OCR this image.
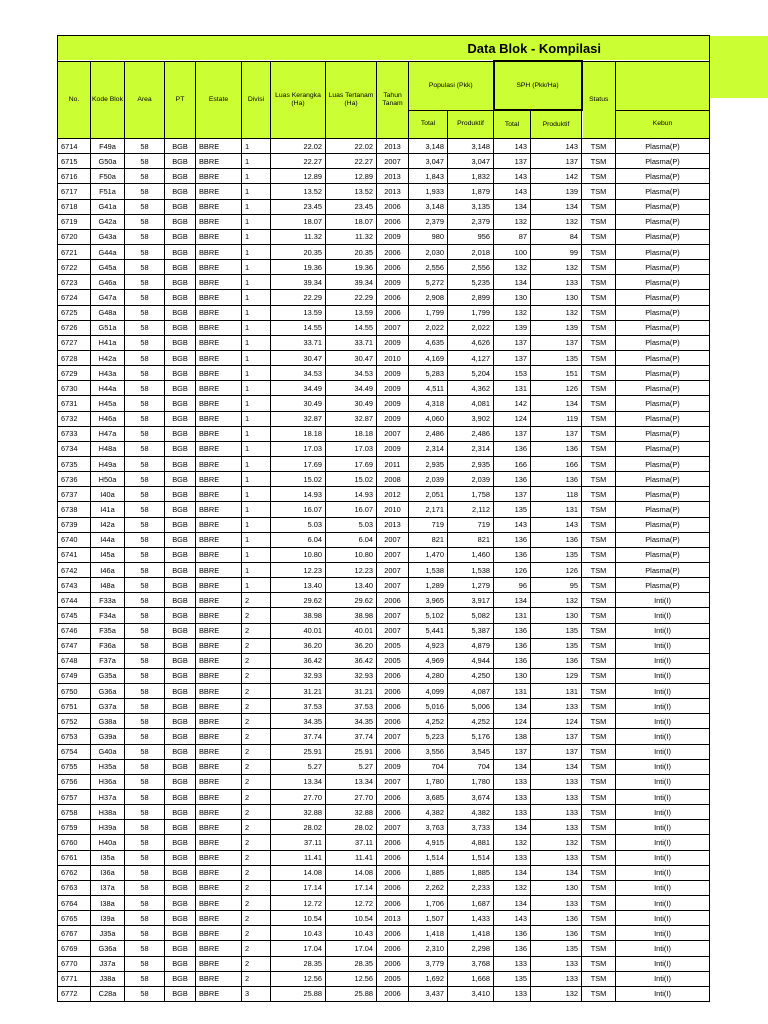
Data Blok - Kompilasi														
No.	Kode Blok	Area	PT	Estate	Divisi	Luas Kerangka (Ha)	Luas Tertanam (Ha)	Tahun Tanam	Populasi (Pkk)		SPH (Pkk/Ha)		Status	
									Total	Produktif	Total	Produktif		Kebun
6714	F49a	58	BGB	BBRE	1	22.02	22.02	2013	3,148	3,148	143	143	TSM	Plasma(P)
6715	G50a	58	BGB	BBRE	1	22.27	22.27	2007	3,047	3,047	137	137	TSM	Plasma(P)
6716	F50a	58	BGB	BBRE	1	12.89	12.89	2013	1,843	1,832	143	142	TSM	Plasma(P)
6717	F51a	58	BGB	BBRE	1	13.52	13.52	2013	1,933	1,879	143	139	TSM	Plasma(P)
6718	G41a	58	BGB	BBRE	1	23.45	23.45	2006	3,148	3,135	134	134	TSM	Plasma(P)
6719	G42a	58	BGB	BBRE	1	18.07	18.07	2006	2,379	2,379	132	132	TSM	Plasma(P)
6720	G43a	58	BGB	BBRE	1	11.32	11.32	2009	980	956	87	84	TSM	Plasma(P)
6721	G44a	58	BGB	BBRE	1	20.35	20.35	2006	2,030	2,018	100	99	TSM	Plasma(P)
6722	G45a	58	BGB	BBRE	1	19.36	19.36	2006	2,556	2,556	132	132	TSM	Plasma(P)
6723	G46a	58	BGB	BBRE	1	39.34	39.34	2009	5,272	5,235	134	133	TSM	Plasma(P)
6724	G47a	58	BGB	BBRE	1	22.29	22.29	2006	2,908	2,899	130	130	TSM	Plasma(P)
6725	G48a	58	BGB	BBRE	1	13.59	13.59	2006	1,799	1,799	132	132	TSM	Plasma(P)
6726	G51a	58	BGB	BBRE	1	14.55	14.55	2007	2,022	2,022	139	139	TSM	Plasma(P)
6727	H41a	58	BGB	BBRE	1	33.71	33.71	2009	4,635	4,626	137	137	TSM	Plasma(P)
6728	H42a	58	BGB	BBRE	1	30.47	30.47	2010	4,169	4,127	137	135	TSM	Plasma(P)
6729	H43a	58	BGB	BBRE	1	34.53	34.53	2009	5,283	5,204	153	151	TSM	Plasma(P)
6730	H44a	58	BGB	BBRE	1	34.49	34.49	2009	4,511	4,362	131	126	TSM	Plasma(P)
6731	H45a	58	BGB	BBRE	1	30.49	30.49	2009	4,318	4,081	142	134	TSM	Plasma(P)
6732	H46a	58	BGB	BBRE	1	32.87	32.87	2009	4,060	3,902	124	119	TSM	Plasma(P)
6733	H47a	58	BGB	BBRE	1	18.18	18.18	2007	2,486	2,486	137	137	TSM	Plasma(P)
6734	H48a	58	BGB	BBRE	1	17.03	17.03	2009	2,314	2,314	136	136	TSM	Plasma(P)
6735	H49a	58	BGB	BBRE	1	17.69	17.69	2011	2,935	2,935	166	166	TSM	Plasma(P)
6736	H50a	58	BGB	BBRE	1	15.02	15.02	2008	2,039	2,039	136	136	TSM	Plasma(P)
6737	I40a	58	BGB	BBRE	1	14.93	14.93	2012	2,051	1,758	137	118	TSM	Plasma(P)
6738	I41a	58	BGB	BBRE	1	16.07	16.07	2010	2,171	2,112	135	131	TSM	Plasma(P)
6739	I42a	58	BGB	BBRE	1	5.03	5.03	2013	719	719	143	143	TSM	Plasma(P)
6740	I44a	58	BGB	BBRE	1	6.04	6.04	2007	821	821	136	136	TSM	Plasma(P)
6741	I45a	58	BGB	BBRE	1	10.80	10.80	2007	1,470	1,460	136	135	TSM	Plasma(P)
6742	I46a	58	BGB	BBRE	1	12.23	12.23	2007	1,538	1,538	126	126	TSM	Plasma(P)
6743	I48a	58	BGB	BBRE	1	13.40	13.40	2007	1,289	1,279	96	95	TSM	Plasma(P)
6744	F33a	58	BGB	BBRE	2	29.62	29.62	2006	3,965	3,917	134	132	TSM	Inti(I)
6745	F34a	58	BGB	BBRE	2	38.98	38.98	2007	5,102	5,082	131	130	TSM	Inti(I)
6746	F35a	58	BGB	BBRE	2	40.01	40.01	2007	5,441	5,387	136	135	TSM	Inti(I)
6747	F36a	58	BGB	BBRE	2	36.20	36.20	2005	4,923	4,879	136	135	TSM	Inti(I)
6748	F37a	58	BGB	BBRE	2	36.42	36.42	2005	4,969	4,944	136	136	TSM	Inti(I)
6749	G35a	58	BGB	BBRE	2	32.93	32.93	2006	4,280	4,250	130	129	TSM	Inti(I)
6750	G36a	58	BGB	BBRE	2	31.21	31.21	2006	4,099	4,087	131	131	TSM	Inti(I)
6751	G37a	58	BGB	BBRE	2	37.53	37.53	2006	5,016	5,006	134	133	TSM	Inti(I)
6752	G38a	58	BGB	BBRE	2	34.35	34.35	2006	4,252	4,252	124	124	TSM	Inti(I)
6753	G39a	58	BGB	BBRE	2	37.74	37.74	2007	5,223	5,176	138	137	TSM	Inti(I)
6754	G40a	58	BGB	BBRE	2	25.91	25.91	2006	3,556	3,545	137	137	TSM	Inti(I)
6755	H35a	58	BGB	BBRE	2	5.27	5.27	2009	704	704	134	134	TSM	Inti(I)
6756	H36a	58	BGB	BBRE	2	13.34	13.34	2007	1,780	1,780	133	133	TSM	Inti(I)
6757	H37a	58	BGB	BBRE	2	27.70	27.70	2006	3,685	3,674	133	133	TSM	Inti(I)
6758	H38a	58	BGB	BBRE	2	32.88	32.88	2006	4,382	4,382	133	133	TSM	Inti(I)
6759	H39a	58	BGB	BBRE	2	28.02	28.02	2007	3,763	3,733	134	133	TSM	Inti(I)
6760	H40a	58	BGB	BBRE	2	37.11	37.11	2006	4,915	4,881	132	132	TSM	Inti(I)
6761	I35a	58	BGB	BBRE	2	11.41	11.41	2006	1,514	1,514	133	133	TSM	Inti(I)
6762	I36a	58	BGB	BBRE	2	14.08	14.08	2006	1,885	1,885	134	134	TSM	Inti(I)
6763	I37a	58	BGB	BBRE	2	17.14	17.14	2006	2,262	2,233	132	130	TSM	Inti(I)
6764	I38a	58	BGB	BBRE	2	12.72	12.72	2006	1,706	1,687	134	133	TSM	Inti(I)
6765	I39a	58	BGB	BBRE	2	10.54	10.54	2013	1,507	1,433	143	136	TSM	Inti(I)
6767	J35a	58	BGB	BBRE	2	10.43	10.43	2006	1,418	1,418	136	136	TSM	Inti(I)
6769	G36a	58	BGB	BBRE	2	17.04	17.04	2006	2,310	2,298	136	135	TSM	Inti(I)
6770	J37a	58	BGB	BBRE	2	28.35	28.35	2006	3,779	3,768	133	133	TSM	Inti(I)
6771	J38a	58	BGB	BBRE	2	12.56	12.56	2005	1,692	1,668	135	133	TSM	Inti(I)
6772	C28a	58	BGB	BBRE	3	25.88	25.88	2006	3,437	3,410	133	132	TSM	Inti(I)
